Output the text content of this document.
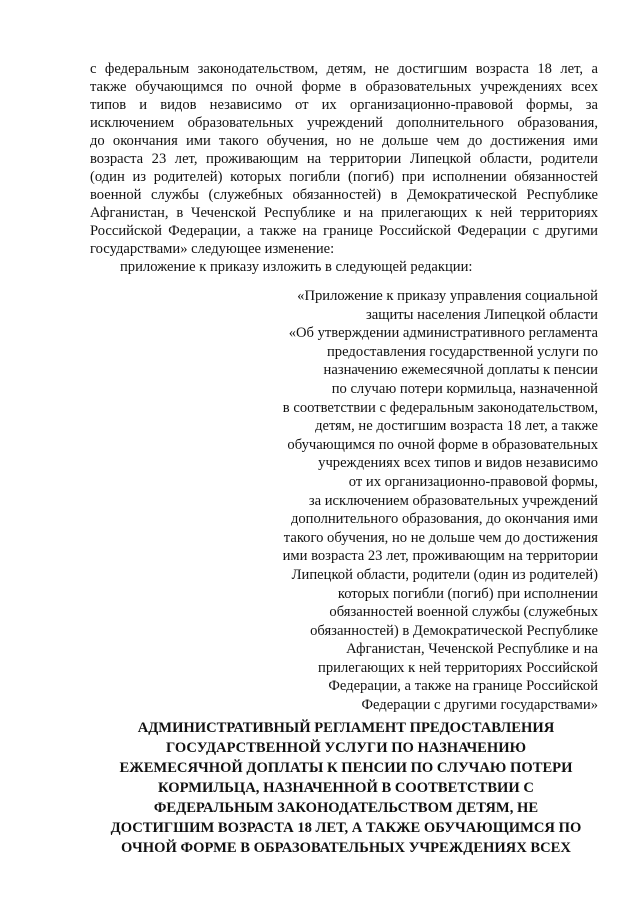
с федеральным законодательством, детям, не достигшим возраста 18 лет, а
также обучающимся по очной форме в образовательных учреждениях всех
типов и видов независимо от их организационно-правовой формы, за
исключением образовательных учреждений дополнительного образования,
до окончания ими такого обучения, но не дольше чем до достижения ими
возраста 23 лет, проживающим на территории Липецкой области, родители
(один из родителей) которых погибли (погиб) при исполнении обязанностей
военной службы (служебных обязанностей) в Демократической Республике
Афганистан, в Чеченской Республике и на прилегающих к ней территориях
Российской Федерации, а также на границе Российской Федерации с другими
государствами» следующее изменение:

приложение к приказу изложить в следующей редакции:

«Приложение к приказу управления социальной
защиты населения Липецкой области
«Об утверждении административного регламента
предоставления государственной услуги по
назначению ежемесячной доплаты к пенсии
по случаю потери кормильца, назначенной
в соответствии с федеральным законодательством,
детям, не достигшим возраста 18 лет, а также
обучающимся по очной форме в образовательных
учреждениях всех типов и видов независимо
от их организационно-правовой формы,
за исключением образовательных учреждений
дополнительного образования, до окончания ими
такого обучения, но не дольше чем до достижения
ими возраста 23 лет, проживающим на территории
Липецкой области, родители (один из родителей)
которых погибли (погиб) при исполнении
обязанностей военной службы (служебных
обязанностей) в Демократической Республике
Афганистан, Чеченской Республике и на
прилегающих к ней территориях Российской
Федерации, а также на границе Российской
Федерации с другими государствами»
АДМИНИСТРАТИВНЫЙ РЕГЛАМЕНТ ПРЕДОСТАВЛЕНИЯ
ГОСУДАРСТВЕННОЙ УСЛУГИ ПО НАЗНАЧЕНИЮ
ЕЖЕМЕСЯЧНОЙ ДОПЛАТЫ К ПЕНСИИ ПО СЛУЧАЮ ПОТЕРИ
КОРМИЛЬЦА, НАЗНАЧЕННОЙ В СООТВЕТСТВИИ С
ФЕДЕРАЛЬНЫМ ЗАКОНОДАТЕЛЬСТВОМ ДЕТЯМ, НЕ
ДОСТИГШИМ ВОЗРАСТА 18 ЛЕТ, А ТАКЖЕ ОБУЧАЮЩИМСЯ ПО
ОЧНОЙ ФОРМЕ В ОБРАЗОВАТЕЛЬНЫХ УЧРЕЖДЕНИЯХ ВСЕХ
